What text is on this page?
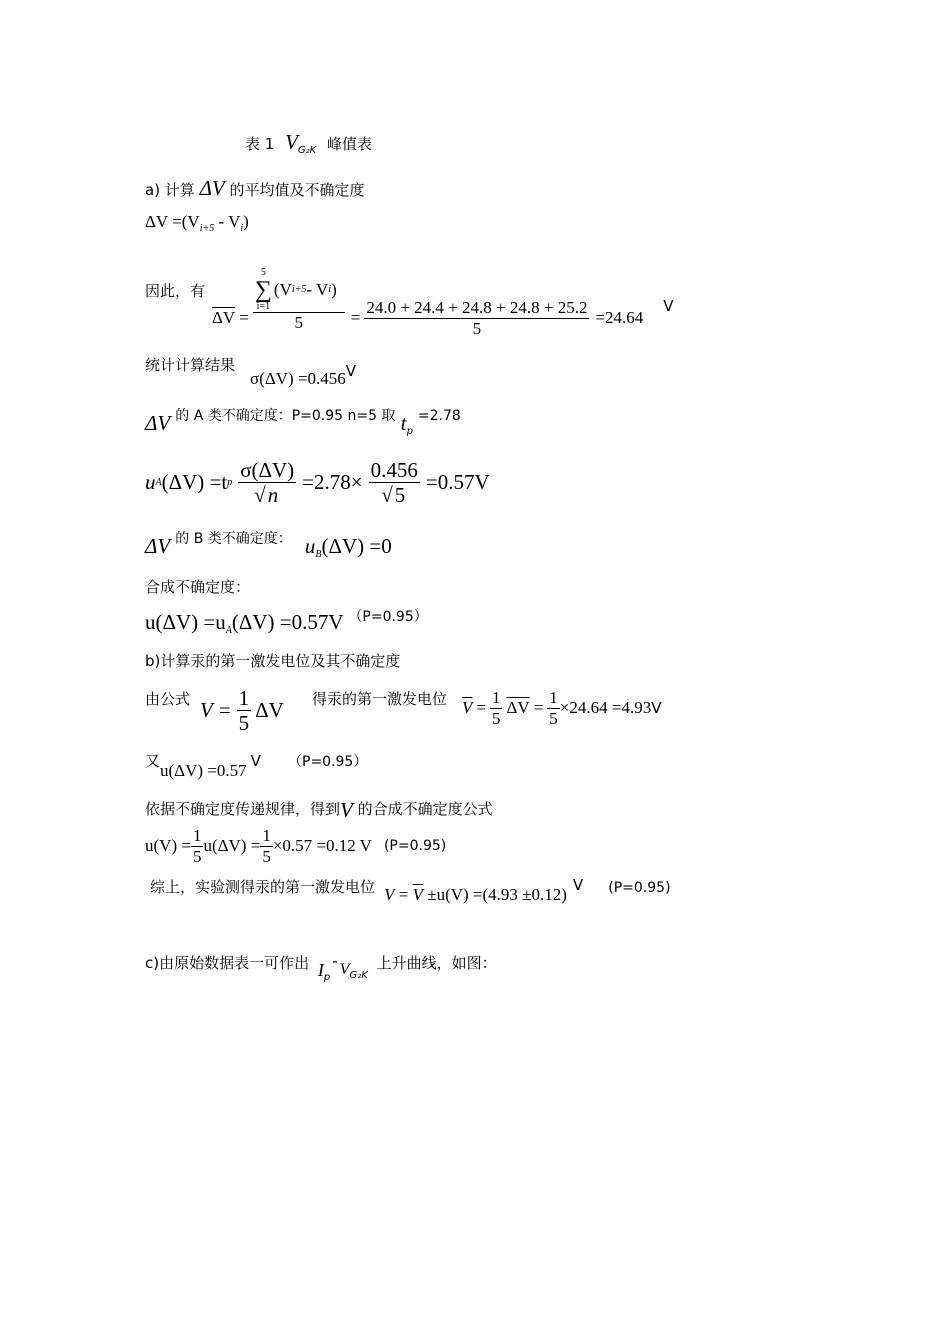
表 1 $V_{G_2K}$ 峰值表
a) 计算 ΔV 的平均值及不确定度
$\Delta V =(V_{i+5} - V_i)$
因此，有
$\overline{\Delta V} = 5$
∑
i=1
(V i+5 - V i )
$5 = \frac{24.0 + 24.4 + 24.8 + 24.8 + 25.2}{5} =24.64$
V
统计计算结果
σ(ΔV) =0.456V
ΔV 的 A 类不确定度：P=0.95 n=5 取 $t_p =2.78$
u A (ΔV) =t p $\frac{\sigma(\Delta V)}{√n} =2.78\times \frac{0.456}{√5} =0.57V$
ΔV 的 B 类不确定度： $u_B(\Delta V) =0$
合成不确定度：
$u(\Delta V) =u_A(\Delta V) =0.57V$ $^{(P=0.95)}$
b)计算汞的第一激发电位及其不确定度
由公式 $V = \frac{1}{5}$ ΔV 得汞的第一激发电位 $\overline{V} = \frac{1}{5} \overline{\Delta V} = \frac{1}{5} \times 24.64 =4.93$ V
又u(ΔV) =0.57 V （P=0.95）
依据不确定度传递规律，得到V 的合成不确定度公式
$u(V) = \frac{1}{5} u(\Delta V) = \frac{1}{5} \times 0.57 =0.12$ V (P=0.95)
综上，实验测得汞的第一激发电位 $V = \overline{V} \pm u(V) =(4.93 \pm 0.12)$ V (P=0.95)
c)由原始数据表一可作出 $I_p-$ $V_{G_2K}$ 上升曲线，如图：
